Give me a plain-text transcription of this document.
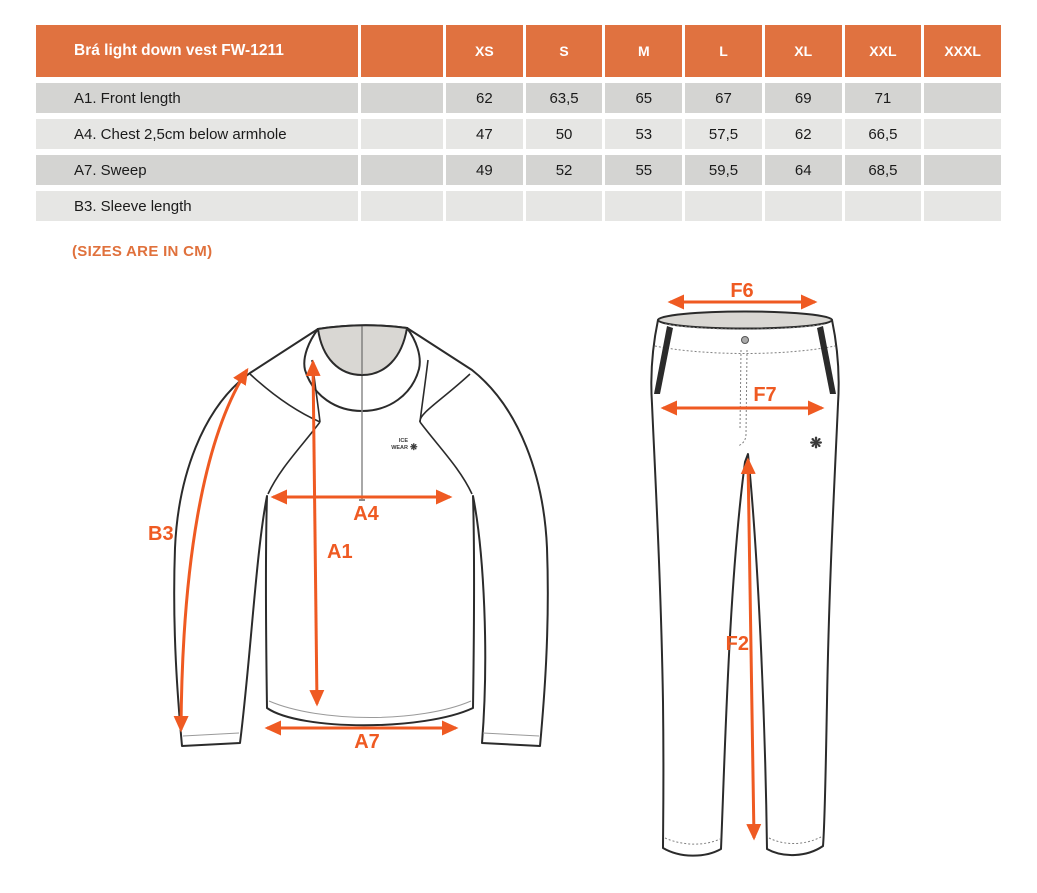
Brá light down vest FW-1211	XS	S	M	L	XL	XXL	XXXL
A1. Front length	62	63,5	65	67	69	71
A4. Chest 2,5cm below armhole	47	50	53	57,5	62	66,5
A7. Sweep	49	52	55	59,5	64	68,5
B3. Sleeve length
(SIZES ARE IN CM)
ICE
WEAR ❋
A1
A4
A7
B3
❋
F6
F7
F2
